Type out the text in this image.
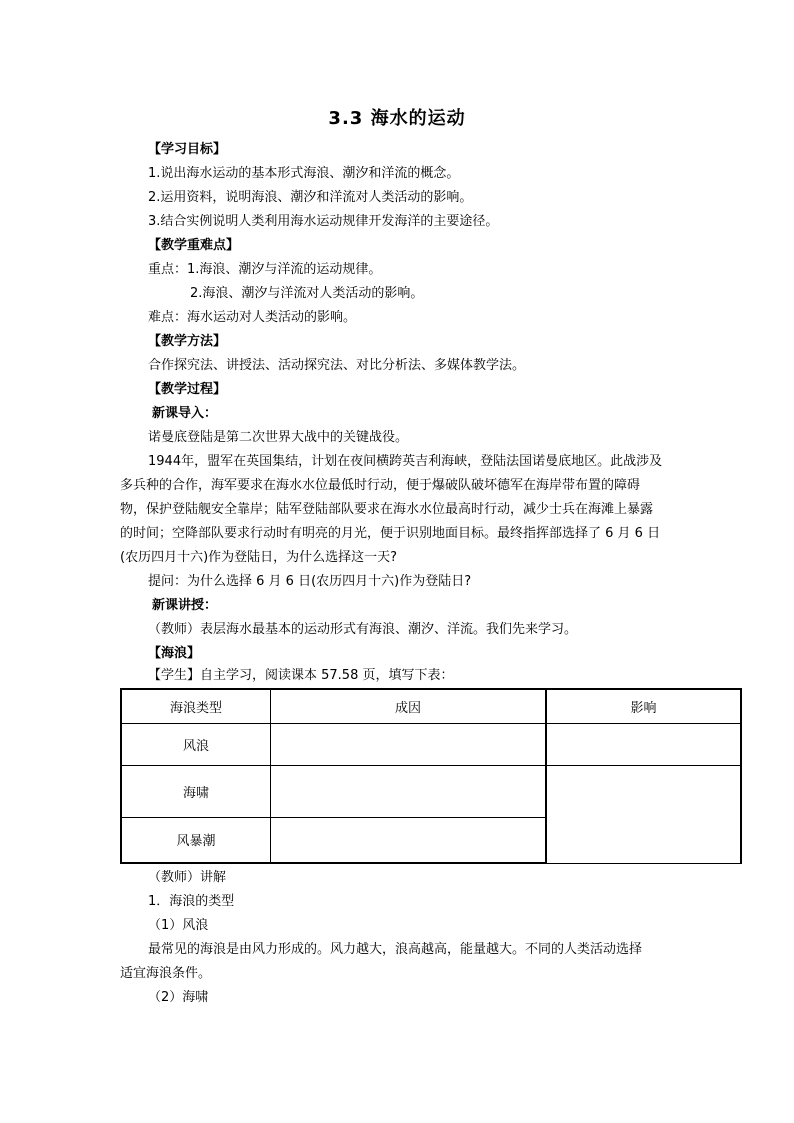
3.3 海水的运动
【学习目标】
1.说出海水运动的基本形式海浪、潮汐和洋流的概念。
2.运用资料，说明海浪、潮汐和洋流对人类活动的影响。
3.结合实例说明人类利用海水运动规律开发海洋的主要途径。
【教学重难点】
重点：1.海浪、潮汐与洋流的运动规律。
2.海浪、潮汐与洋流对人类活动的影响。
难点：海水运动对人类活动的影响。
【教学方法】
合作探究法、讲授法、活动探究法、对比分析法、多媒体教学法。
【教学过程】
新课导入：
诺曼底登陆是第二次世界大战中的关键战役。
1944年，盟军在英国集结，计划在夜间横跨英吉利海峡，登陆法国诺曼底地区。此战涉及
多兵种的合作，海军要求在海水水位最低时行动，便于爆破队破坏德军在海岸带布置的障碍
物，保护登陆舰安全靠岸；陆军登陆部队要求在海水水位最高时行动，减少士兵在海滩上暴露
的时间；空降部队要求行动时有明亮的月光，便于识别地面目标。最终指挥部选择了 6 月 6 日
(农历四月十六)作为登陆日，为什么选择这一天?
提问：为什么选择 6 月 6 日(农历四月十六)作为登陆日?
新课讲授：
（教师）表层海水最基本的运动形式有海浪、潮汐、洋流。我们先来学习。
【海浪】
【学生】自主学习，阅读课本 57.58 页，填写下表：
海浪类型	成因	影响
风浪		
海啸		
风暴潮		
（教师）讲解
1．海浪的类型
（1）风浪
最常见的海浪是由风力形成的。风力越大，浪高越高，能量越大。不同的人类活动选择
适宜海浪条件。
（2）海啸
